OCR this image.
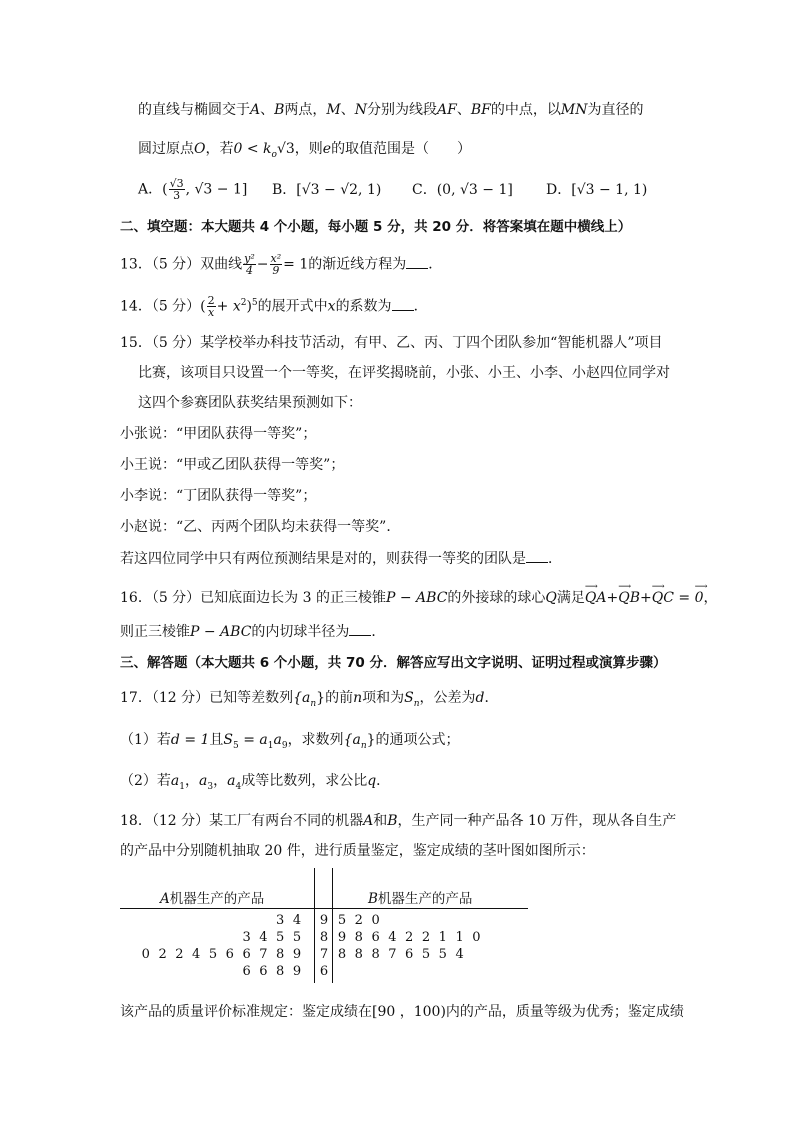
的直线与椭圆交于A、B两点，M、N分别为线段AF、BF的中点，以MN为直径的
圆过原点O，若$0 < k_o√3$，则e的取值范围是（　　）
A．( $\frac{√3}{3}$ , √3 − 1] B．[√3 − √2, 1) C．(0, √3 − 1] D．[√3 − 1, 1)
二、填空题：本大题共 4 个小题，每小题 5 分，共 20 分．将答案填在题中横线上）
13．（5 分）双曲线 $\frac{\text{y²}}{4} - \frac{\text{x²}}{9} = 1$的渐近线方程为 ．
14．（5 分）( $\frac{2}{x} + x^2)^5$的展开式中x的系数为 ．
15．（5 分）某学校举办科技节活动，有甲、乙、丙、丁四个团队参加“智能机器人”项目
比赛，该项目只设置一个一等奖，在评奖揭晓前，小张、小王、小李、小赵四位同学对
这四个参赛团队获奖结果预测如下：
小张说：“甲团队获得一等奖”；
小王说：“甲或乙团队获得一等奖”；
小李说：“丁团队获得一等奖”；
小赵说：“乙、丙两个团队均未获得一等奖”．
若这四位同学中只有两位预测结果是对的，则获得一等奖的团队是 ．
16．（5 分）已知底面边长为 3 的正三棱锥P − ABC的外接球的球心Q满足⟶ QA+⟶ QB+⟶ QC = ⟶ 0，
则正三棱锥P − ABC的内切球半径为 ．
三、解答题（本大题共 6 个小题，共 70 分．解答应写出文字说明、证明过程或演算步骤）
17．（12 分）已知等差数列$\{a_n\}$的前n项和为$S_n$，公差为d．
（1）若d = 1且$S_5 = a_1a_9$，求数列$\{a_n\}$的通项公式；
（2）若$a_1$，$a_3$，$a_4$成等比数列，求公比q．
18．（12 分）某工厂有两台不同的机器A和B，生产同一种产品各 10 万件，现从各自生产
的产品中分别随机抽取 20 件，进行质量鉴定，鉴定成绩的茎叶图如图所示：
A机器生产的产品	B机器生产的产品
3 4 9 5 2 0
3 4 5 5 8 9 8 6 4 2 2 1 1 0
0 2 2 4 5 6 6 7 8 9 7 8 8 8 7 6 5 5 4
6 6 8 9 6
该产品的质量评价标准规定：鉴定成绩在[90 ，100)内的产品，质量等级为优秀；鉴定成绩
